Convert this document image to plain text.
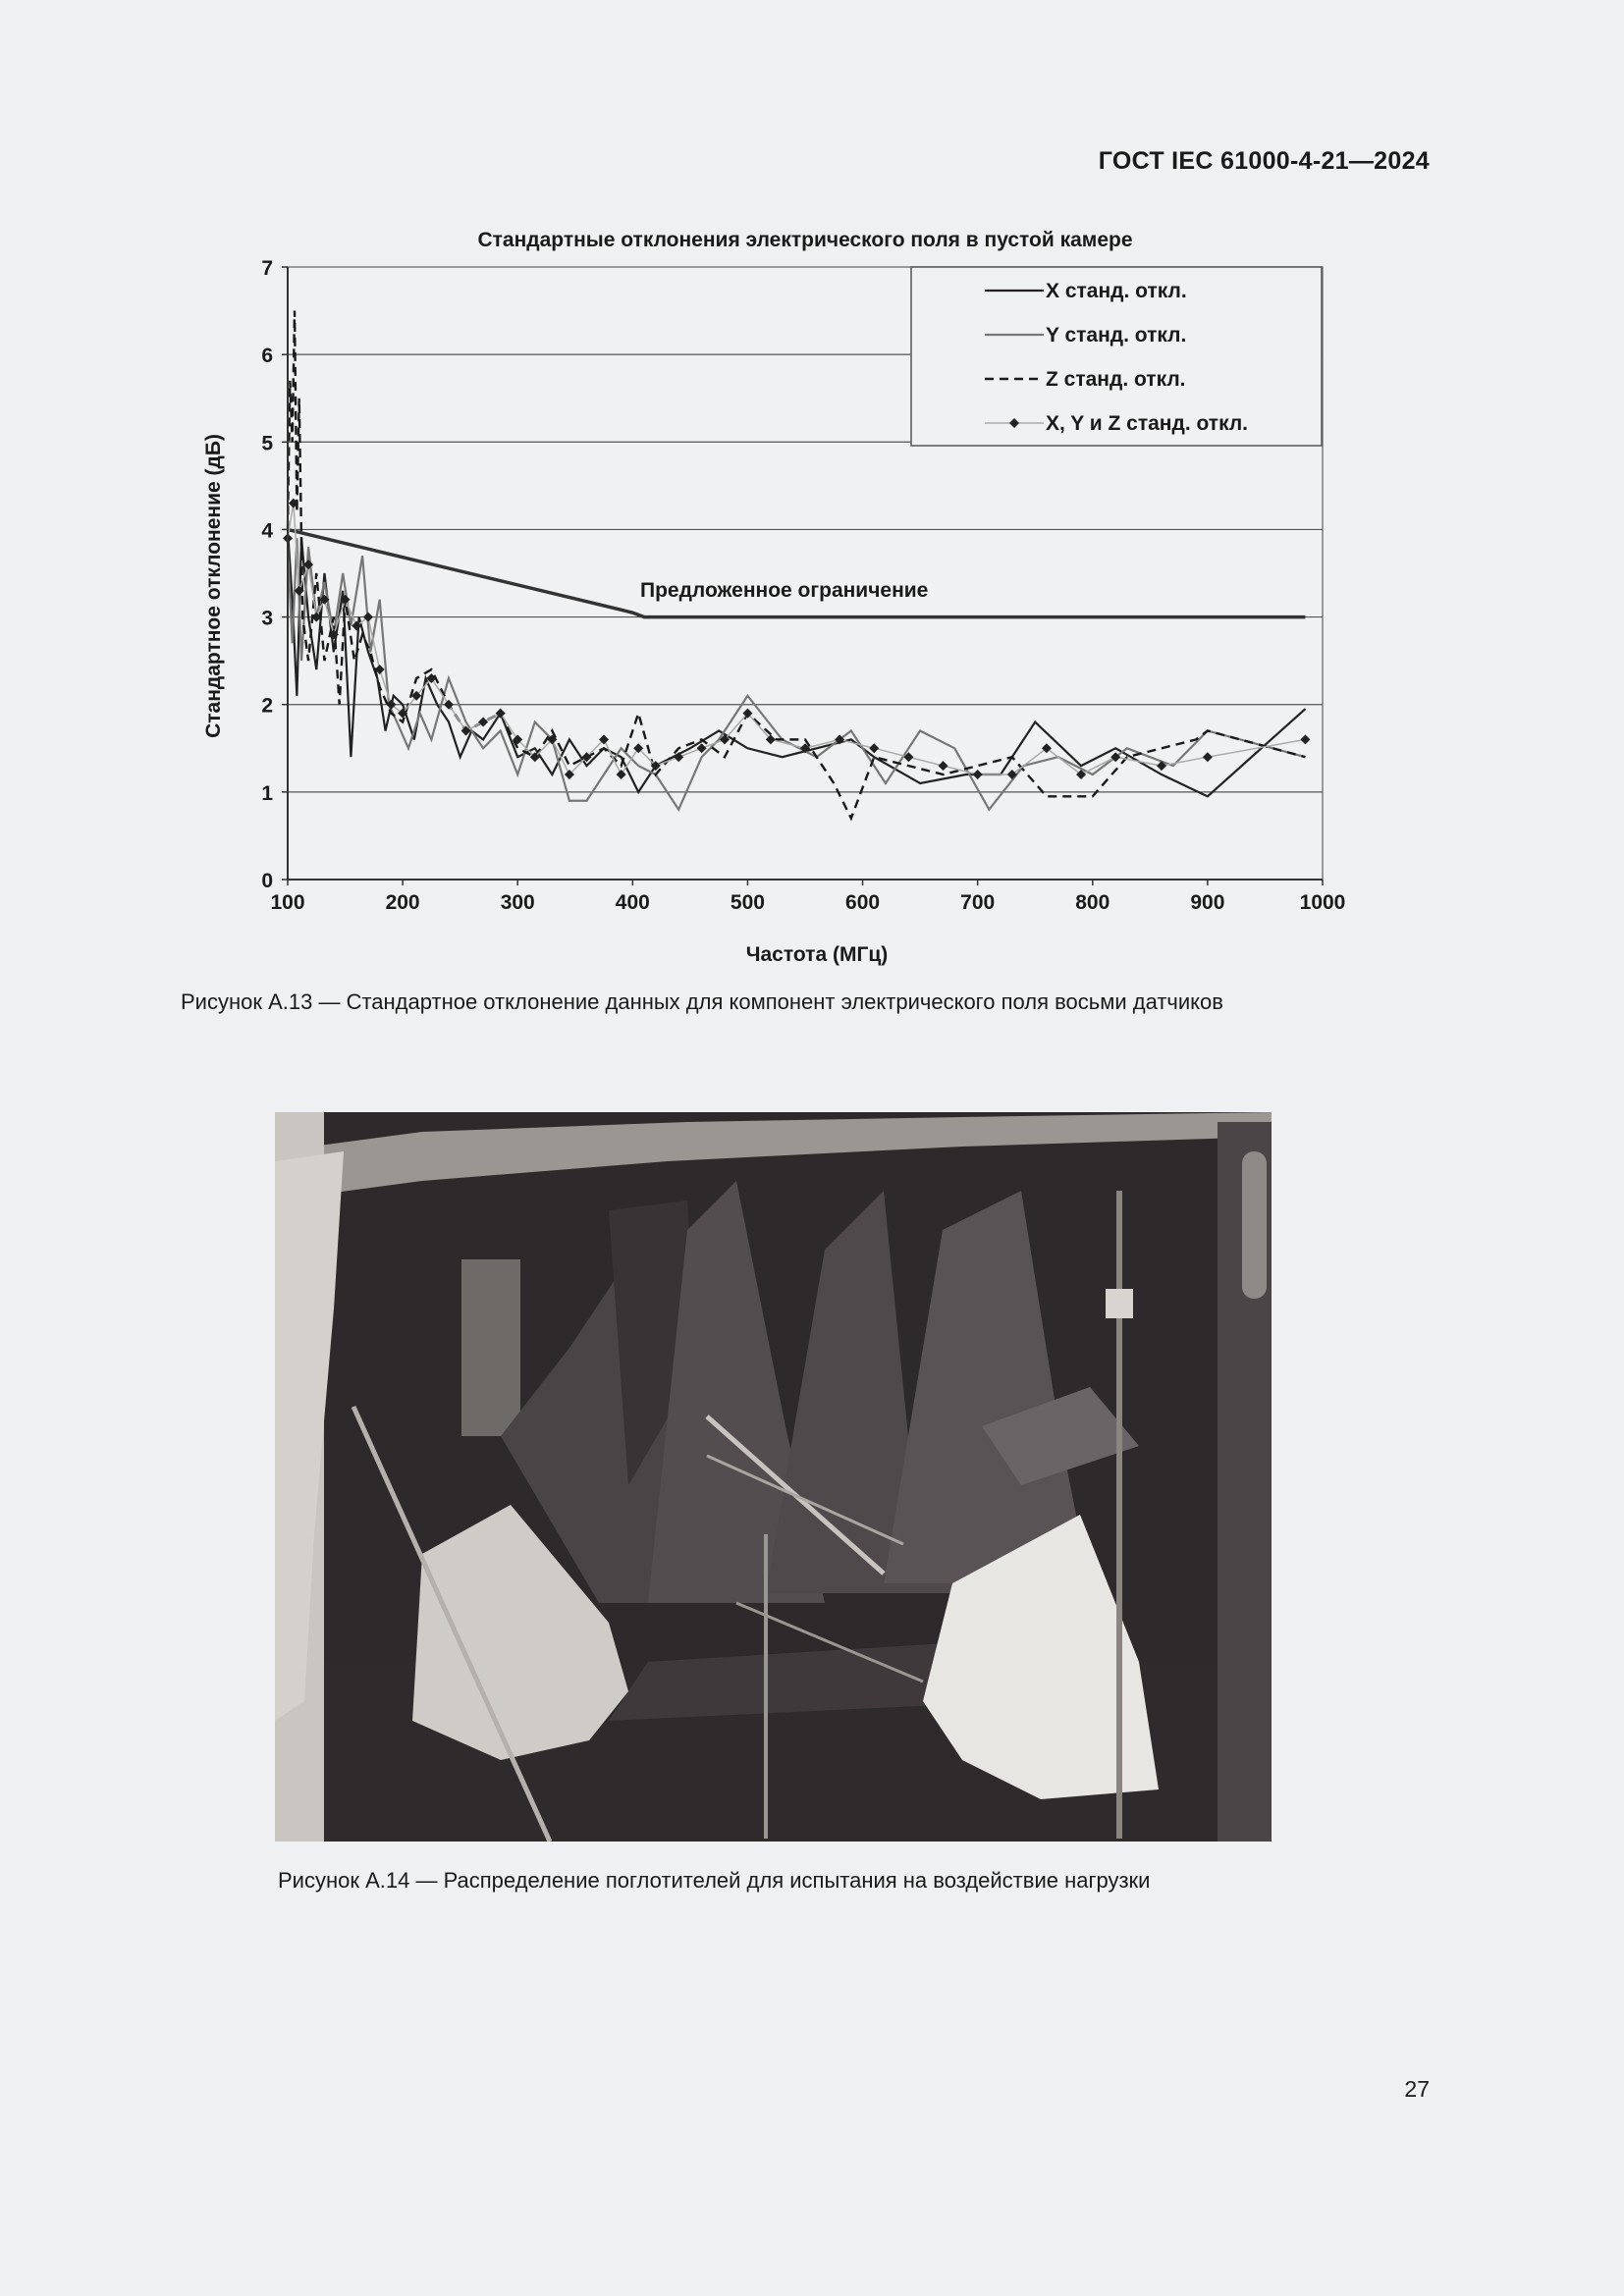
ГОСТ IEC 61000-4-21—2024
0
1
2
3
4
5
6
7
100	200	300	400	500	600	700	800	900	1000
X станд. откл.
Y станд. откл.
Z станд. откл.
X, Y и Z станд. откл.
Стандартные отклонения электрического поля в пустой камере
Частота (МГц)
Стандартное отклонение (дБ)	Предложенное ограничение
Рисунок А.13 — Стандартное отклонение данных для компонент электрического поля восьми датчиков
Рисунок А.14 — Распределение поглотителей для испытания на воздействие нагрузки
27
